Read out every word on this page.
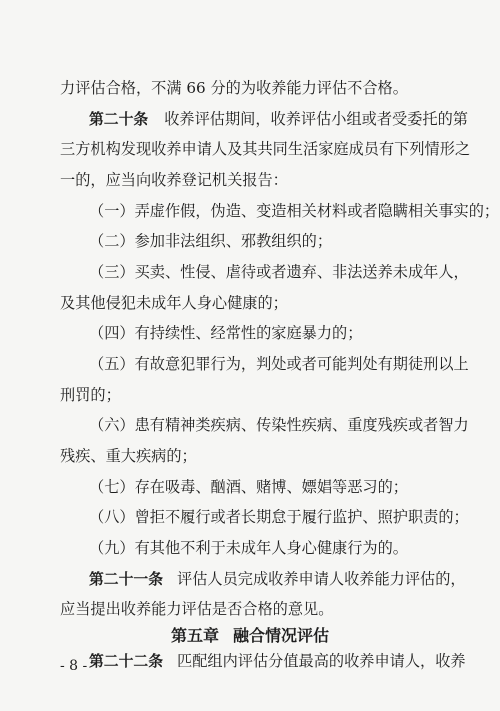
力评估合格，不满 66 分的为收养能力评估不合格。
第二十条 收养评估期间，收养评估小组或者受委托的第
三方机构发现收养申请人及其共同生活家庭成员有下列情形之
一的，应当向收养登记机关报告：
（一）弄虚作假，伪造、变造相关材料或者隐瞒相关事实的；
（二）参加非法组织、邪教组织的；
（三）买卖、性侵、虐待或者遗弃、非法送养未成年人，
及其他侵犯未成年人身心健康的；
（四）有持续性、经常性的家庭暴力的；
（五）有故意犯罪行为，判处或者可能判处有期徒刑以上
刑罚的；
（六）患有精神类疾病、传染性疾病、重度残疾或者智力
残疾、重大疾病的；
（七）存在吸毒、酗酒、赌博、嫖娼等恶习的；
（八）曾拒不履行或者长期怠于履行监护、照护职责的；
（九）有其他不利于未成年人身心健康行为的。
第二十一条 评估人员完成收养申请人收养能力评估的，
应当提出收养能力评估是否合格的意见。
第五章 融合情况评估
第二十二条 匹配组内评估分值最高的收养申请人，收养
- 8 -
